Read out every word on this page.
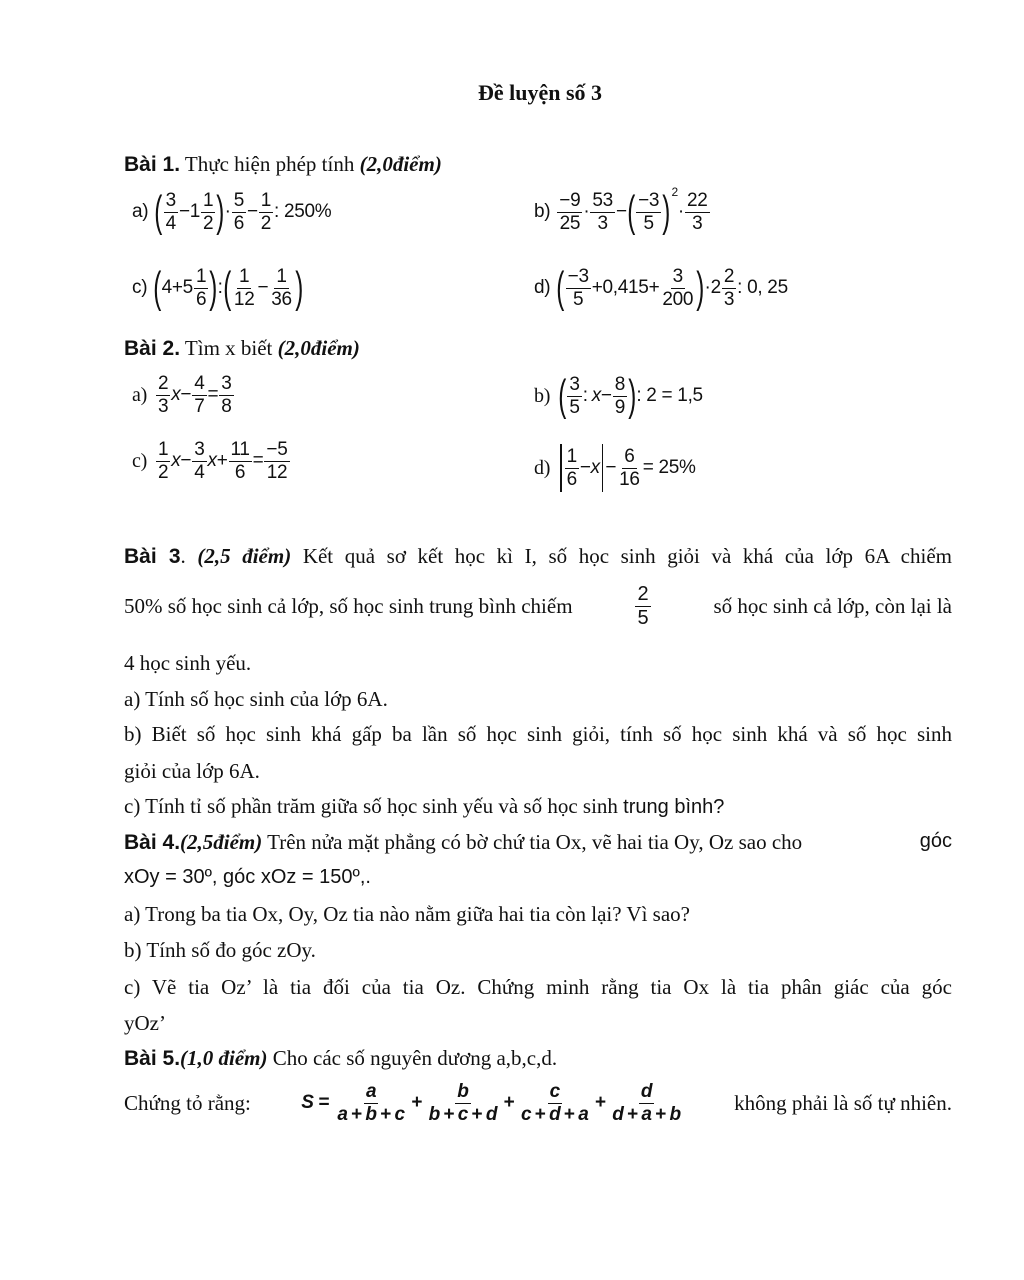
Đề luyện số 3
Bài 1. Thực hiện phép tính (2,0điểm)
a) ( $\frac{3}{4} -1 \frac{1}{2}$ ) · $\frac{5}{6} - \frac{1}{2}$ : 250%	$b) \frac{-9}{25} \cdot \frac{53}{3}$ − ( $\frac{-3}{5}$ ) 2
· $\frac{22}{3}$
c) ( $4+5 \frac{1}{6}$ ) : ( $\frac{1}{12} - \frac{1}{36}$ )	d) ( $\frac{-3}{5} +0,415+ \frac{3}{200}$ ) $\cdot 2 \frac{2}{3}$ : 0, 25
Bài 2. Tìm x biết (2,0điểm)
$a) \frac{2}{3}$ $x - \frac{4}{7} = \frac{3}{8}$	b) ( $\frac{3}{5}$ : $x - \frac{8}{9}$ ) : 2 = 1,5
$c) \frac{1}{2}$ $x - \frac{3}{4}$ $x + \frac{11}{6} = \frac{-5}{12}$	$d) \frac{1}{6} - x - \frac{6}{16} = 25\%$
Bài 3. (2,5 điểm) Kết quả sơ kết học kì I, số học sinh giỏi và khá của lớp 6A chiếm
50% số học sinh cả lớp, số học sinh trung bình chiếm	$\frac{2}{5}$	số học sinh cả lớp, còn lại là
4 học sinh yếu.
a) Tính số học sinh của lớp 6A.
b) Biết số học sinh khá gấp ba lần số học sinh giỏi, tính số học sinh khá và số học sinh
giỏi của lớp 6A.
c) Tính tỉ số phần trăm giữa số học sinh yếu và số học sinh trung bình?
Bài 4.(2,5điểm) Trên nửa mặt phẳng có bờ chứ tia Ox, vẽ hai tia Oy, Oz sao cho	góc
xOy = 30º, góc xOz = 150º,.
a) Trong ba tia Ox, Oy, Oz tia nào nằm giữa hai tia còn lại? Vì sao?
b) Tính số đo góc zOy.
c) Vẽ tia Oz’ là tia đối của tia Oz. Chứng minh rằng tia Ox là tia phân giác của góc
yOz’
Bài 5.(1,0 điểm) Cho các số nguyên dương a,b,c,d.
Chứng tỏ rằng:	$S = \frac{a}{a + b + c} + \frac{b}{b + c + d} + \frac{c}{c + d + a} + \frac{d}{d + a + b}$ không phải là số tự nhiên.
